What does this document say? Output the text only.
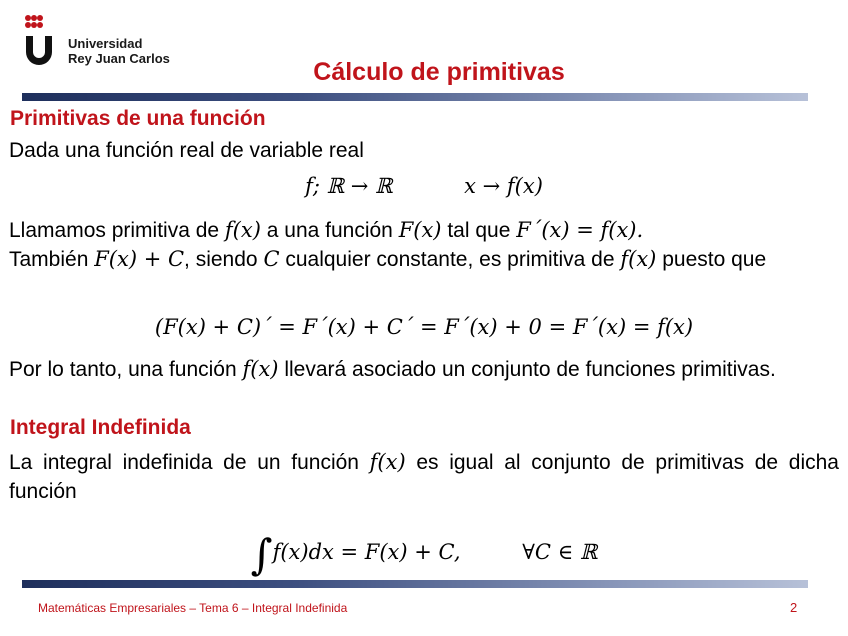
Universidad
Rey Juan Carlos	Cálculo de primitivas
Primitivas de una función
Dada una función real de variable real
f; ℝ → ℝ	x → f(x)
Llamamos primitiva de f(x) a una función F(x) tal que F´(x) = f(x).
También F(x) + C, siendo C cualquier constante, es primitiva de f(x) puesto que
(F(x) + C)´ = F´(x) + C´ = F´(x) + 0 = F´(x) = f(x)
Por lo tanto, una función f(x) llevará asociado un conjunto de funciones primitivas.
Integral Indefinida
La integral indefinida de un función f(x) es igual al conjunto de primitivas de dicha función
∫f(x)dx = F(x) + C,	∀C ∈ ℝ
Matemáticas Empresariales – Tema 6 – Integral Indefinida	2
